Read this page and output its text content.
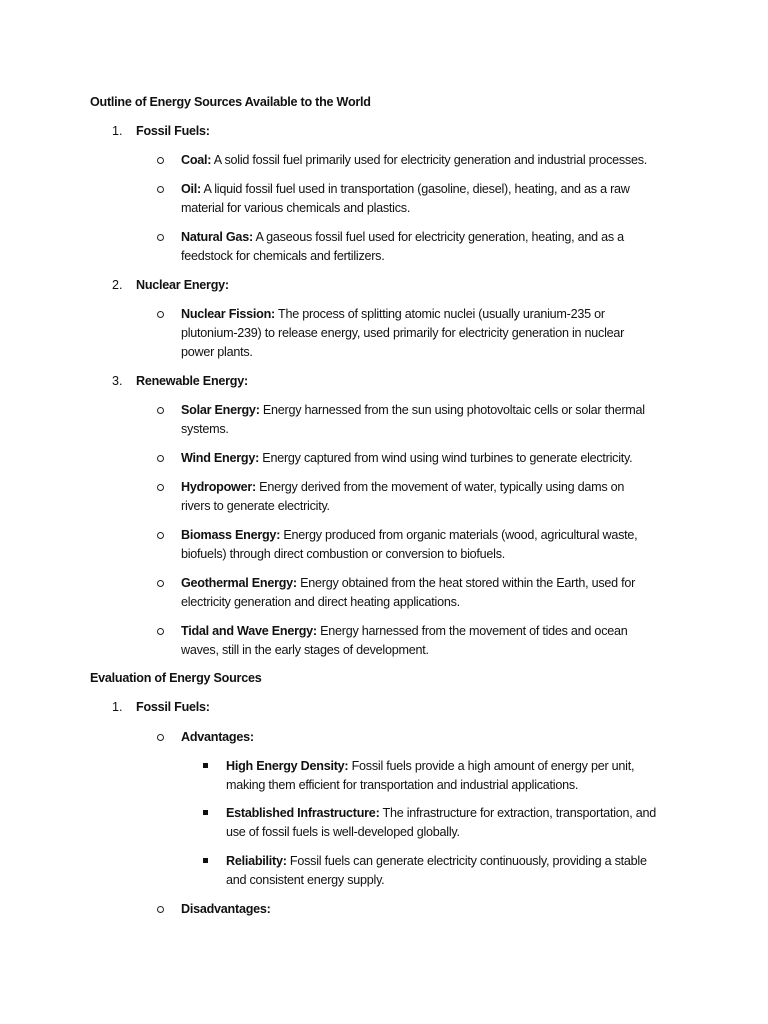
Outline of Energy Sources Available to the World
1. Fossil Fuels:
Coal: A solid fossil fuel primarily used for electricity generation and industrial processes.
Oil: A liquid fossil fuel used in transportation (gasoline, diesel), heating, and as a raw
material for various chemicals and plastics.
Natural Gas: A gaseous fossil fuel used for electricity generation, heating, and as a
feedstock for chemicals and fertilizers.
2. Nuclear Energy:
Nuclear Fission: The process of splitting atomic nuclei (usually uranium-235 or
plutonium-239) to release energy, used primarily for electricity generation in nuclear
power plants.
3. Renewable Energy:
Solar Energy: Energy harnessed from the sun using photovoltaic cells or solar thermal
systems.
Wind Energy: Energy captured from wind using wind turbines to generate electricity.
Hydropower: Energy derived from the movement of water, typically using dams on
rivers to generate electricity.
Biomass Energy: Energy produced from organic materials (wood, agricultural waste,
biofuels) through direct combustion or conversion to biofuels.
Geothermal Energy: Energy obtained from the heat stored within the Earth, used for
electricity generation and direct heating applications.
Tidal and Wave Energy: Energy harnessed from the movement of tides and ocean
waves, still in the early stages of development.
Evaluation of Energy Sources
1. Fossil Fuels:
Advantages:
High Energy Density: Fossil fuels provide a high amount of energy per unit,
making them efficient for transportation and industrial applications.
Established Infrastructure: The infrastructure for extraction, transportation, and
use of fossil fuels is well-developed globally.
Reliability: Fossil fuels can generate electricity continuously, providing a stable
and consistent energy supply.
Disadvantages:
